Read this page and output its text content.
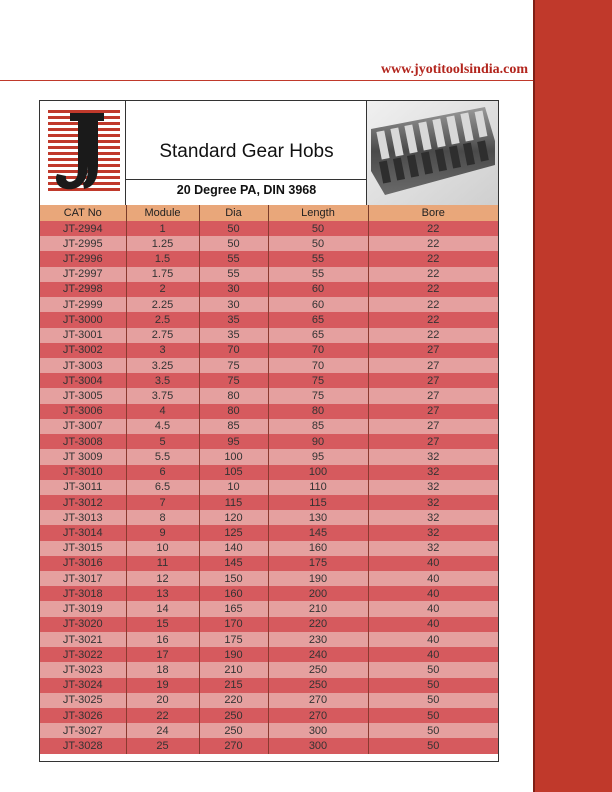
www.jyotitoolsindia.com
Standard Gear Hobs
20 Degree PA, DIN 3968
CAT No	Module	Dia	Length	Bore
JT-2994	1	50	50	22
JT-2995	1.25	50	50	22
JT-2996	1.5	55	55	22
JT-2997	1.75	55	55	22
JT-2998	2	30	60	22
JT-2999	2.25	30	60	22
JT-3000	2.5	35	65	22
JT-3001	2.75	35	65	22
JT-3002	3	70	70	27
JT-3003	3.25	75	70	27
JT-3004	3.5	75	75	27
JT-3005	3.75	80	75	27
JT-3006	4	80	80	27
JT-3007	4.5	85	85	27
JT-3008	5	95	90	27
JT 3009	5.5	100	95	32
JT-3010	6	105	100	32
JT-3011	6.5	10	110	32
JT-3012	7	115	115	32
JT-3013	8	120	130	32
JT-3014	9	125	145	32
JT-3015	10	140	160	32
JT-3016	11	145	175	40
JT-3017	12	150	190	40
JT-3018	13	160	200	40
JT-3019	14	165	210	40
JT-3020	15	170	220	40
JT-3021	16	175	230	40
JT-3022	17	190	240	40
JT-3023	18	210	250	50
JT-3024	19	215	250	50
JT-3025	20	220	270	50
JT-3026	22	250	270	50
JT-3027	24	250	300	50
JT-3028	25	270	300	50
